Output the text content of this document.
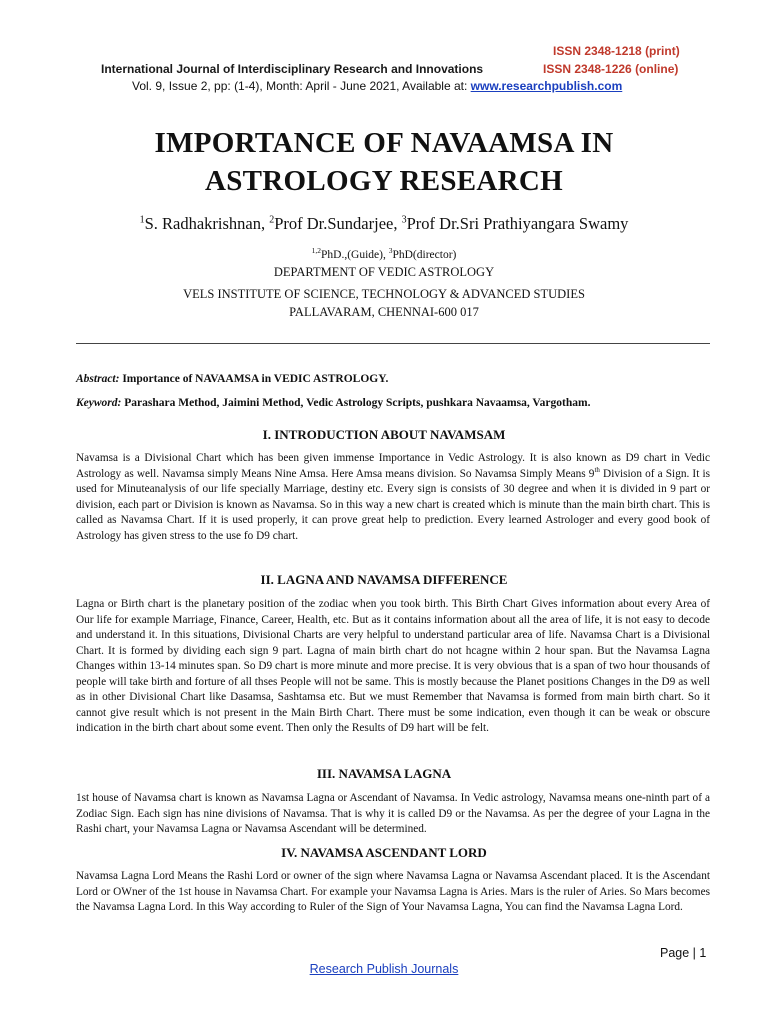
ISSN 2348-1218 (print)
International Journal of Interdisciplinary Research and Innovations	ISSN 2348-1226 (online)
Vol. 9, Issue 2, pp: (1-4), Month: April - June 2021, Available at: www.researchpublish.com
IMPORTANCE OF NAVAAMSA IN
ASTROLOGY RESEARCH
$^1$S. Radhakrishnan, $^2$Prof Dr.Sundarjee, $^3$Prof Dr.Sri Prathiyangara Swamy
$^{1,2}$PhD.,(Guide), $^3$PhD(director)
DEPARTMENT OF VEDIC ASTROLOGY
VELS INSTITUTE OF SCIENCE, TECHNOLOGY & ADVANCED STUDIES
PALLAVARAM, CHENNAI-600 017
Abstract: Importance of NAVAAMSA in VEDIC ASTROLOGY.
Keyword: Parashara Method, Jaimini Method, Vedic Astrology Scripts, pushkara Navaamsa, Vargotham.
I. INTRODUCTION ABOUT NAVAMSAM
Navamsa is a Divisional Chart which has been given immense Importance in Vedic Astrology. It is also known as D9 chart in Vedic Astrology as well. Navamsa simply Means Nine Amsa. Here Amsa means division. So Navamsa Simply Means 9th Division of a Sign. It is used for Minuteanalysis of our life specially Marriage, destiny etc. Every sign is consists of 30 degree and when it is divided in 9 part or division, each part or Division is known as Navamsa. So in this way a new chart is created which is minute than the main birth chart. This is called as Navamsa Chart. If it is used properly, it can prove great help to prediction. Every learned Astrologer and every good book of Astrology has given stress to the use fo D9 chart.
II. LAGNA AND NAVAMSA DIFFERENCE
Lagna or Birth chart is the planetary position of the zodiac when you took birth. This Birth Chart Gives information about every Area of Our life for example Marriage, Finance, Career, Health, etc. But as it contains information about all the area of life, it is not easy to decode and understand it. In this situations, Divisional Charts are very helpful to understand particular area of life. Navamsa Chart is a Divisional Chart. It is formed by dividing each sign 9 part. Lagna of main birth chart do not hcagne within 2 hour span. But the Navamsa Lagna Changes within 13-14 minutes span. So D9 chart is more minute and more precise. It is very obvious that is a span of two hour thousands of people will take birth and forture of all thses People will not be same. This is mostly because the Planet positions Changes in the D9 as well as in other Divisional Chart like Dasamsa, Sashtamsa etc. But we must Remember that Navamsa is formed from main birth chart. So it cannot give result which is not present in the Main Birth Chart. There must be some indication, even though it can be weak or obscure indication in the birth chart about some event. Then only the Results of D9 hart will be felt.
III. NAVAMSA LAGNA
1st house of Navamsa chart is known as Navamsa Lagna or Ascendant of Navamsa. In Vedic astrology, Navamsa means one-ninth part of a Zodiac Sign. Each sign has nine divisions of Navamsa. That is why it is called D9 or the Navamsa. As per the degree of your Lagna in the Rashi chart, your Navamsa Lagna or Navamsa Ascendant will be determined.
IV. NAVAMSA ASCENDANT LORD
Navamsa Lagna Lord Means the Rashi Lord or owner of the sign where Navamsa Lagna or Navamsa Ascendant placed. It is the Ascendant Lord or OWner of the 1st house in Navamsa Chart. For example your Navamsa Lagna is Aries. Mars is the ruler of Aries. So Mars becomes the Navamsa Lagna Lord. In this Way according to Ruler of the Sign of Your Navamsa Lagna, You can find the Navamsa Lagna Lord.
Page | 1
Research Publish Journals
